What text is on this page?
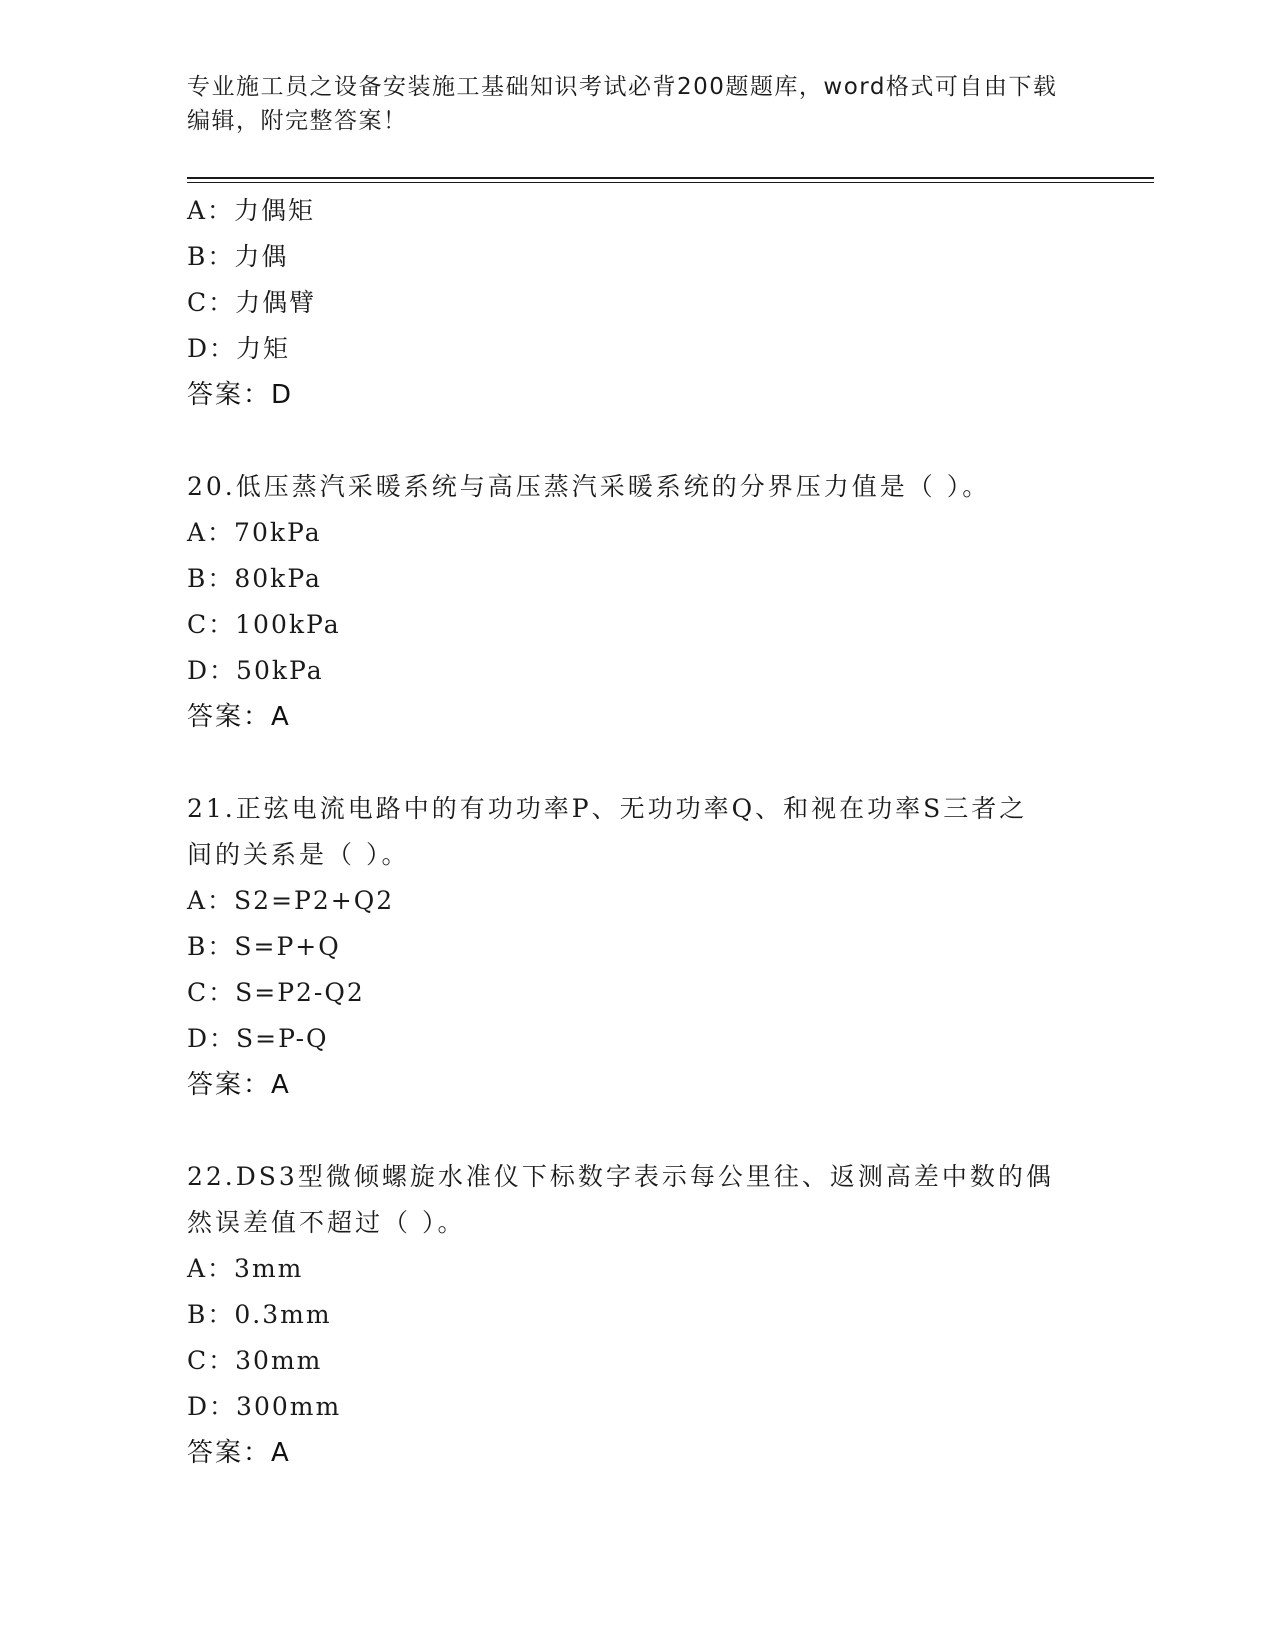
专业施工员之设备安装施工基础知识考试必背200题题库，word格式可自由下载
编辑，附完整答案！
A：力偶矩
B：力偶
C：力偶臂
D：力矩
答案：D
20.低压蒸汽采暖系统与高压蒸汽采暖系统的分界压力值是（ ）。
A：70kPa
B：80kPa
C：100kPa
D：50kPa
答案：A
21.正弦电流电路中的有功功率P、无功功率Q、和视在功率S三者之
间的关系是（ ）。
A：S2=P2+Q2
B：S=P+Q
C：S=P2-Q2
D：S=P-Q
答案：A
22.DS3型微倾螺旋水准仪下标数字表示每公里往、返测高差中数的偶
然误差值不超过（ ）。
A：3mm
B：0.3mm
C：30mm
D：300mm
答案：A
